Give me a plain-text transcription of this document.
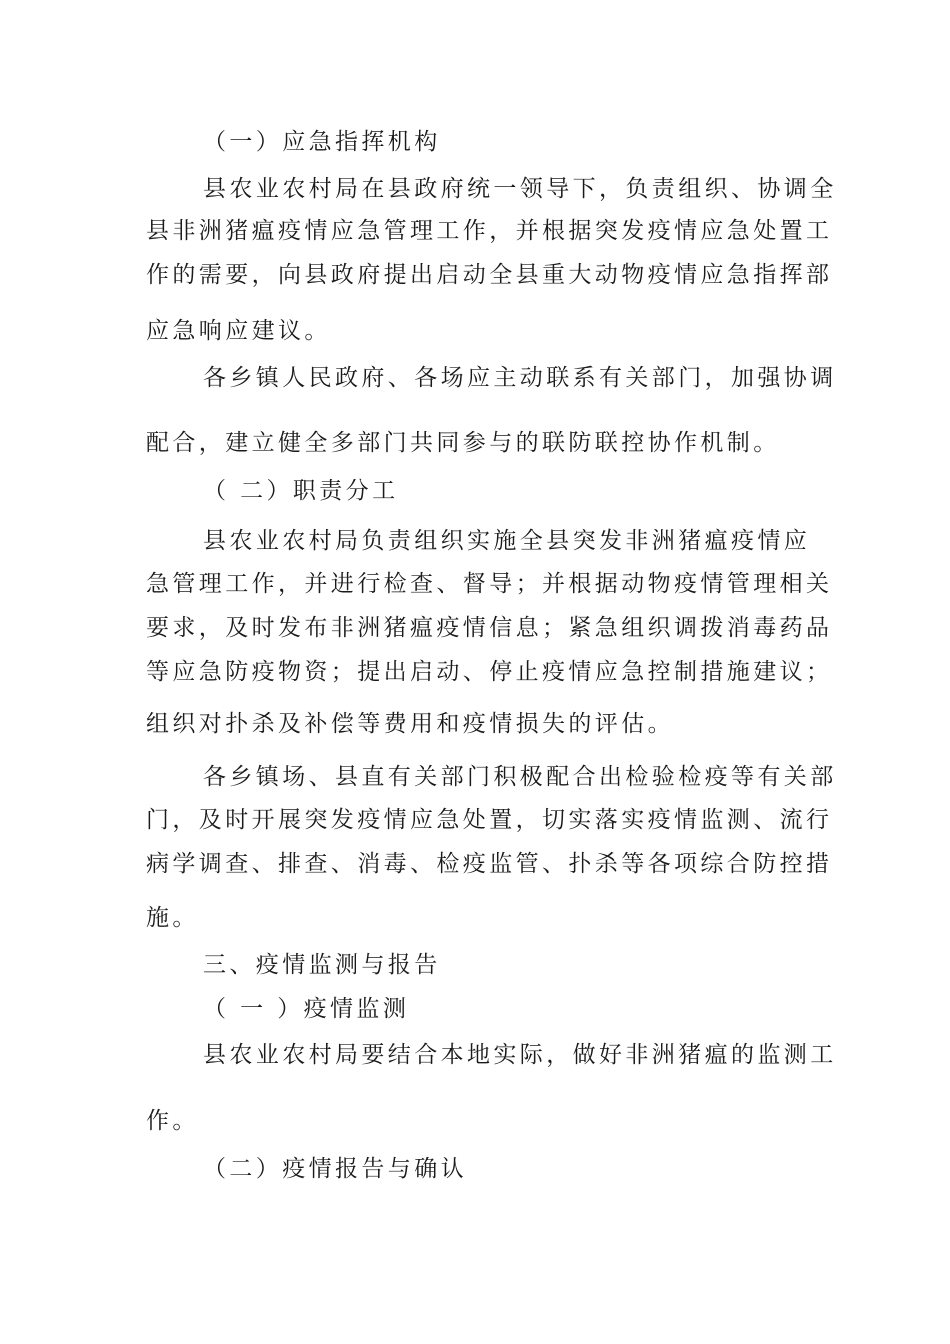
（一）应急指挥机构
县农业农村局在县政府统一领导下，负责组织、协调全
县非洲猪瘟疫情应急管理工作，并根据突发疫情应急处置工
作的需要，向县政府提出启动全县重大动物疫情应急指挥部
应急响应建议。
各乡镇人民政府、各场应主动联系有关部门，加强协调
配合，建立健全多部门共同参与的联防联控协作机制。
（ 二）职责分工
县农业农村局负责组织实施全县突发非洲猪瘟疫情应
急管理工作，并进行检查、督导；并根据动物疫情管理相关
要求，及时发布非洲猪瘟疫情信息；紧急组织调拨消毒药品
等应急防疫物资；提出启动、停止疫情应急控制措施建议；
组织对扑杀及补偿等费用和疫情损失的评估。
各乡镇场、县直有关部门积极配合出检验检疫等有关部
门，及时开展突发疫情应急处置，切实落实疫情监测、流行
病学调查、排查、消毒、检疫监管、扑杀等各项综合防控措
施。
三、疫情监测与报告
（ 一 ）疫情监测
县农业农村局要结合本地实际，做好非洲猪瘟的监测工
作。
（二）疫情报告与确认
